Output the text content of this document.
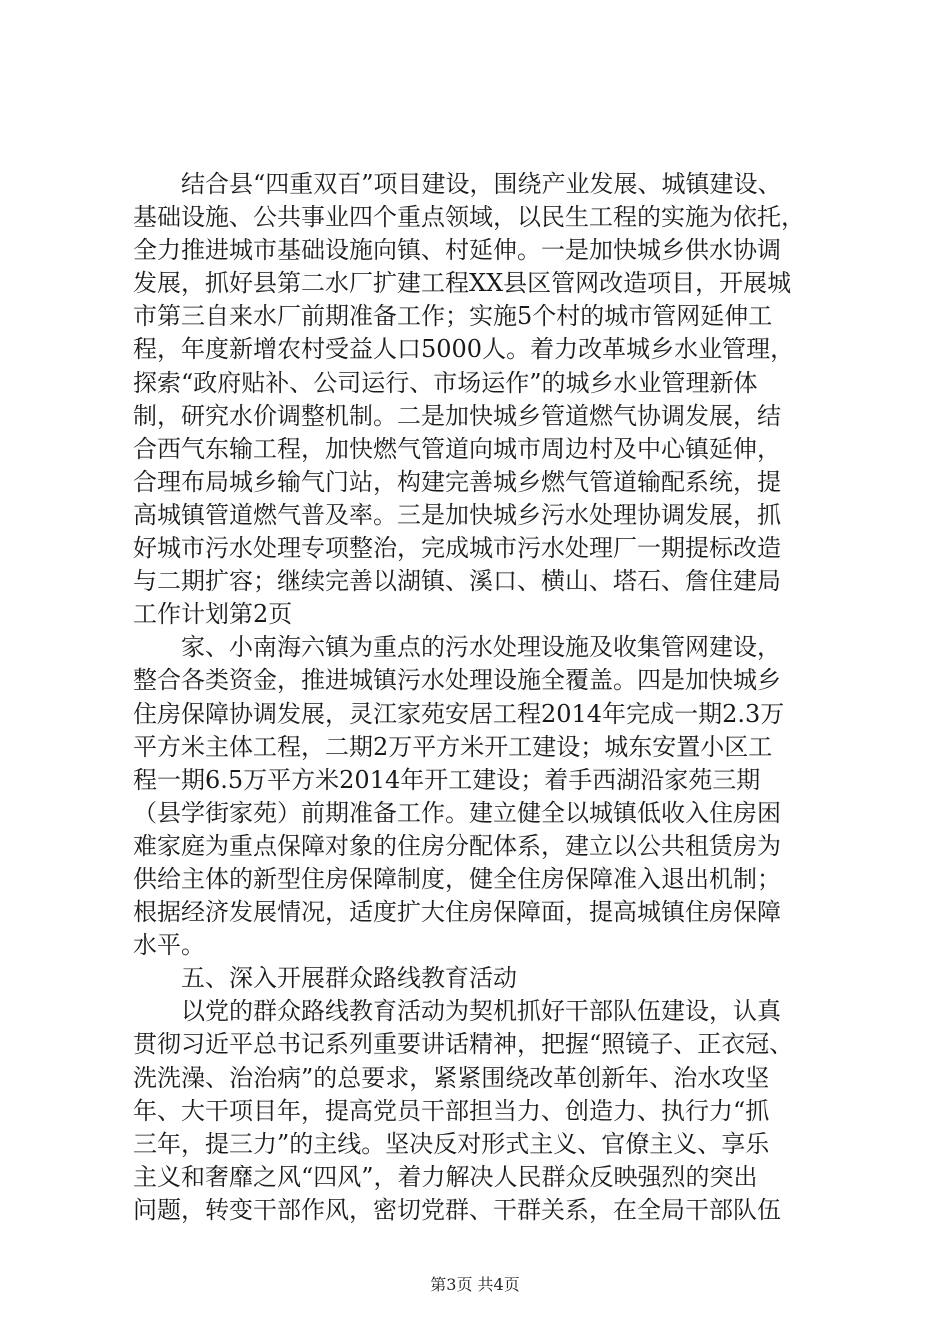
结合县“四重双百”项目建设，围绕产业发展、城镇建设、
基础设施、公共事业四个重点领域，以民生工程的实施为依托，
全力推进城市基础设施向镇、村延伸。一是加快城乡供水协调
发展，抓好县第二水厂扩建工程XX县区管网改造项目，开展城
市第三自来水厂前期准备工作；实施5个村的城市管网延伸工
程，年度新增农村受益人口5000人。着力改革城乡水业管理，
探索“政府贴补、公司运行、市场运作”的城乡水业管理新体
制，研究水价调整机制。二是加快城乡管道燃气协调发展，结
合西气东输工程，加快燃气管道向城市周边村及中心镇延伸，
合理布局城乡输气门站，构建完善城乡燃气管道输配系统，提
高城镇管道燃气普及率。三是加快城乡污水处理协调发展，抓
好城市污水处理专项整治，完成城市污水处理厂一期提标改造
与二期扩容；继续完善以湖镇、溪口、横山、塔石、詹住建局
工作计划第2页
家、小南海六镇为重点的污水处理设施及收集管网建设，
整合各类资金，推进城镇污水处理设施全覆盖。四是加快城乡
住房保障协调发展，灵江家苑安居工程2014年完成一期2.3万
平方米主体工程，二期2万平方米开工建设；城东安置小区工
程一期6.5万平方米2014年开工建设；着手西湖沿家苑三期
（县学街家苑）前期准备工作。建立健全以城镇低收入住房困
难家庭为重点保障对象的住房分配体系，建立以公共租赁房为
供给主体的新型住房保障制度，健全住房保障准入退出机制；
根据经济发展情况，适度扩大住房保障面，提高城镇住房保障
水平。
五、深入开展群众路线教育活动
以党的群众路线教育活动为契机抓好干部队伍建设，认真
贯彻习近平总书记系列重要讲话精神，把握“照镜子、正衣冠、
洗洗澡、治治病”的总要求，紧紧围绕改革创新年、治水攻坚
年、大干项目年，提高党员干部担当力、创造力、执行力“抓
三年，提三力”的主线。坚决反对形式主义、官僚主义、享乐
主义和奢靡之风“四风”，着力解决人民群众反映强烈的突出
问题，转变干部作风，密切党群、干群关系，在全局干部队伍
第3页 共4页
